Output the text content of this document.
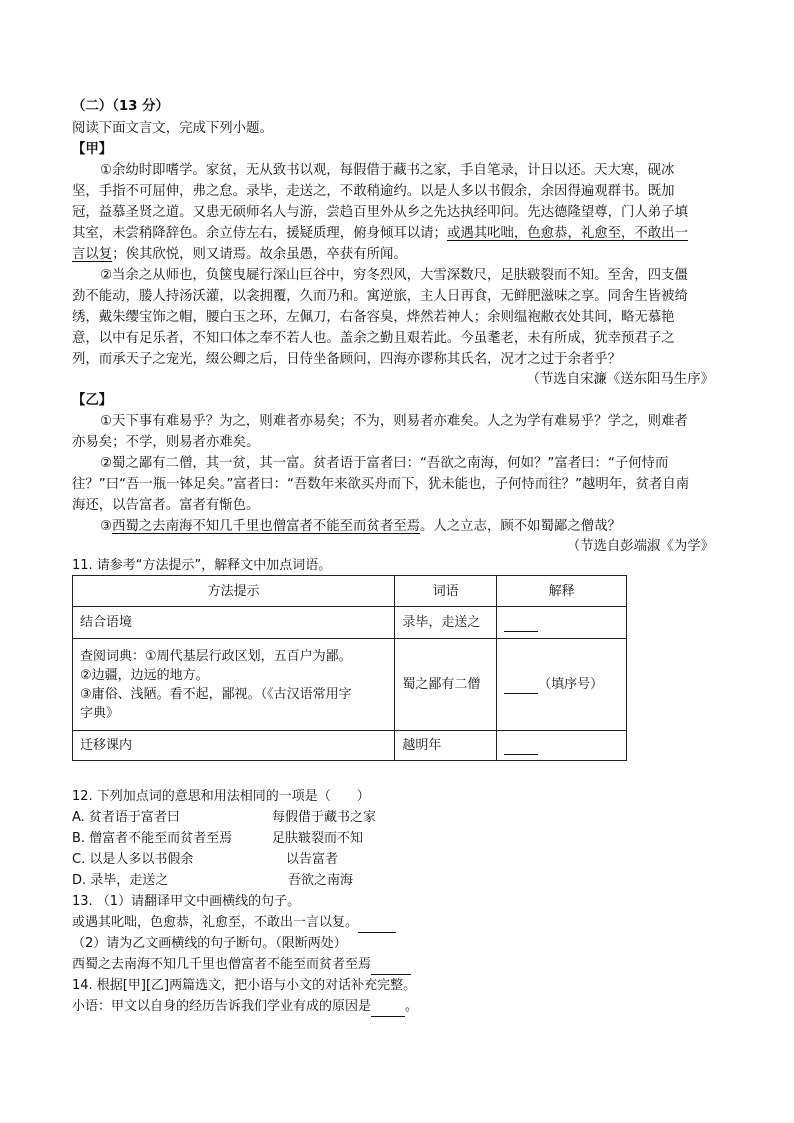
（二）（13 分）
阅读下面文言文，完成下列小题。
【甲】
①余幼时即嗜学。家贫，无从致书以观，每假借于藏书之家，手自笔录，计日以还。天大寒，砚冰
坚，手指不可屈伸，弗之怠。录毕，走送之，不敢稍逾约。以是人多以书假余，余因得遍观群书。既加
冠，益慕圣贤之道。又患无硕师名人与游，尝趋百里外从乡之先达执经叩问。先达德隆望尊，门人弟子填
其室，未尝稍降辞色。余立侍左右，援疑质理，俯身倾耳以请；或遇其叱咄，色愈恭，礼愈至，不敢出一
言以复；俟其欣悦，则又请焉。故余虽愚，卒获有所闻。
②当余之从师也，负箧曳屣行深山巨谷中，穷冬烈风，大雪深数尺，足肤皲裂而不知。至舍，四支僵
劲不能动，媵人持汤沃灌，以衾拥覆，久而乃和。寓逆旅，主人日再食，无鲜肥滋味之享。同舍生皆被绮
绣，戴朱缨宝饰之帽，腰白玉之环，左佩刀，右备容臭，烨然若神人；余则缊袍敝衣处其间，略无慕艳
意，以中有足乐者，不知口体之奉不若人也。盖余之勤且艰若此。今虽耄老，未有所成，犹幸预君子之
列，而承天子之宠光，缀公卿之后，日侍坐备顾问，四海亦谬称其氏名，况才之过于余者乎？
（节选自宋濂《送东阳马生序》
【乙】
①天下事有难易乎？为之，则难者亦易矣；不为，则易者亦难矣。人之为学有难易乎？学之，则难者
亦易矣；不学，则易者亦难矣。
②蜀之鄙有二僧，其一贫，其一富。贫者语于富者曰：“吾欲之南海，何如？”富者曰：“子何恃而
往？”曰“吾一瓶一钵足矣。”富者曰：“吾数年来欲买舟而下，犹未能也，子何恃而往？”越明年，贫者自南
海还，以告富者。富者有惭色。
③西蜀之去南海不知几千里也僧富者不能至而贫者至焉。人之立志，顾不如蜀鄙之僧哉？
（节选自彭端淑《为学》
11. 请参考“方法提示”，解释文中加点词语。
方法提示	词语	解释
结合语境	录毕，走送之	

查阅词典：①周代基层行政区划，五百户为鄙。
②边疆，边远的地方。
③庸俗、浅陋。看不起，鄙视。（《古汉语常用字
字典》	蜀之鄙有二僧	（填序号）
迁移课内	越明年	
12. 下列加点词的意思和用法相同的一项是（　　）
A. 贫者语于富者曰	每假借于藏书之家
B. 僧富者不能至而贫者至焉	足肤皲裂而不知
C. 以是人多以书假余	以告富者
D. 录毕，走送之	吾欲之南海
13. （1）请翻译甲文中画横线的句子。
或遇其叱咄，色愈恭，礼愈至，不敢出一言以复。
（2）请为乙文画横线的句子断句。（限断两处）
西蜀之去南海不知几千里也僧富者不能至而贫者至焉
14. 根据[甲][乙]两篇选文，把小语与小文的对话补充完整。
小语：甲文以自身的经历告诉我们学业有成的原因是	。
